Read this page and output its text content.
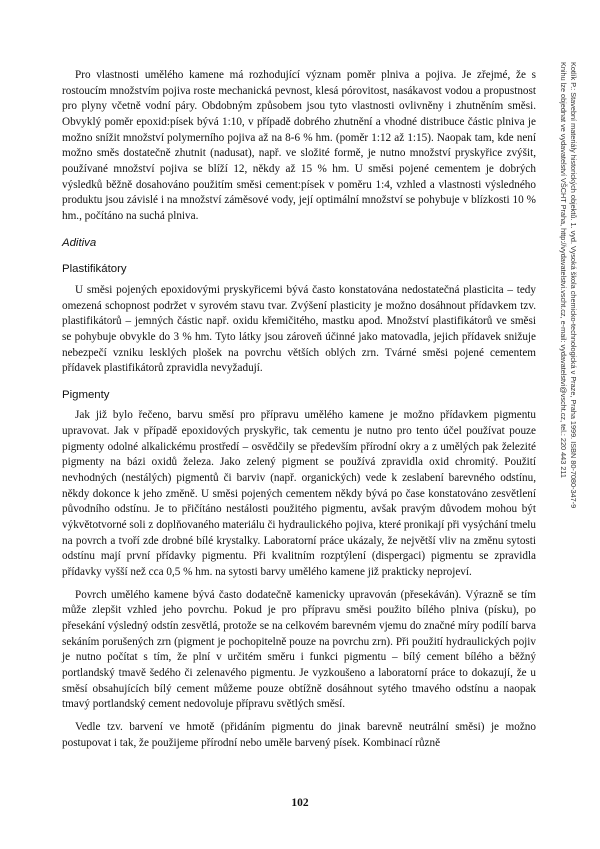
Kotlík P.: Stavební materiály historických objektů. 1. vyd. Vysoká škola chemicko-technologická v Praze, Praha 1999. ISBN 80-7080-347-9
Knihu lze objednat ve vydavatelství VŠCHT Praha, http://vydavatelstvi.vscht.cz, e-mail: vydavatelstvi@vscht.cz, tel.: 220 443 211

Pro vlastnosti umělého kamene má rozhodující význam poměr plniva a pojiva. Je zřejmé, že s rostoucím množstvím pojiva roste mechanická pevnost, klesá pórovitost, nasákavost vodou a propustnost pro plyny včetně vodní páry. Obdobným způsobem jsou tyto vlastnosti ovlivněny i zhutněním směsi. Obvyklý poměr epoxid:písek bývá 1:10, v případě dobrého zhutnění a vhodné distribuce částic plniva je možno snížit množství polymerního pojiva až na 8-6 % hm. (poměr 1:12 až 1:15). Naopak tam, kde není možno směs dostatečně zhutnit (nadusat), např. ve složité formě, je nutno množství pryskyřice zvýšit, používané množství pojiva se blíží 12, někdy až 15 % hm. U směsi pojené cementem je dobrých výsledků běžně dosahováno použitím směsi cement:písek v poměru 1:4, vzhled a vlastnosti výsledného produktu jsou závislé i na množství záměsové vody, její optimální množství se pohybuje v blízkosti 10 % hm., počítáno na suchá plniva.

Aditiva
Plastifikátory

U směsi pojených epoxidovými pryskyřicemi bývá často konstatována nedostatečná plasticita – tedy omezená schopnost podržet v syrovém stavu tvar. Zvýšení plasticity je možno dosáhnout přídavkem tzv. plastifikátorů – jemných částic např. oxidu křemičitého, mastku apod. Množství plastifikátorů ve směsi se pohybuje obvykle do 3 % hm. Tyto látky jsou zároveň účinné jako matovadla, jejich přídavek snižuje nebezpečí vzniku lesklých plošek na povrchu větších oblých zrn. Tvárné směsi pojené cementem přídavek plastifikátorů zpravidla nevyžadují.

Pigmenty

Jak již bylo řečeno, barvu směsí pro přípravu umělého kamene je možno přídavkem pigmentu upravovat. Jak v případě epoxidových pryskyřic, tak cementu je nutno pro tento účel používat pouze pigmenty odolné alkalickému prostředí – osvědčily se především přírodní okry a z umělých pak železité pigmenty na bázi oxidů železa. Jako zelený pigment se používá zpravidla oxid chromitý. Použití nevhodných (nestálých) pigmentů či barviv (např. organických) vede k zeslabení barevného odstínu, někdy dokonce k jeho změně. U směsi pojených cementem někdy bývá po čase konstatováno zesvětlení původního odstínu. Je to přičítáno nestálosti použitého pigmentu, avšak pravým důvodem mohou být výkvětotvorné soli z doplňovaného materiálu či hydraulického pojiva, které pronikají při vysýchání tmelu na povrch a tvoří zde drobné bílé krystalky. Laboratorní práce ukázaly, že největší vliv na změnu sytosti odstínu mají první přídavky pigmentu. Při kvalitním rozptýlení (dispergaci) pigmentu se zpravidla přídavky vyšší než cca 0,5 % hm. na sytosti barvy umělého kamene již prakticky neprojeví.

Povrch umělého kamene bývá často dodatečně kamenicky upravován (přesekáván). Výrazně se tím může zlepšit vzhled jeho povrchu. Pokud je pro přípravu směsi použito bílého plniva (písku), po přesekání výsledný odstín zesvětlá, protože se na celkovém barevném vjemu do značné míry podílí barva sekáním porušených zrn (pigment je pochopitelně pouze na povrchu zrn). Při použití hydraulických pojiv je nutno počítat s tím, že plní v určitém směru i funkci pigmentu – bílý cement bílého a běžný portlandský tmavě šedého či zelenavého pigmentu. Je vyzkoušeno a laboratorní práce to dokazují, že u směsí obsahujících bílý cement můžeme pouze obtížně dosáhnout sytého tmavého odstínu a naopak tmavý portlandský cement nedovoluje přípravu světlých směsí.

Vedle tzv. barvení ve hmotě (přidáním pigmentu do jinak barevně neutrální směsi) je možno postupovat i tak, že použijeme přírodní nebo uměle barvený písek. Kombinací různě

102
